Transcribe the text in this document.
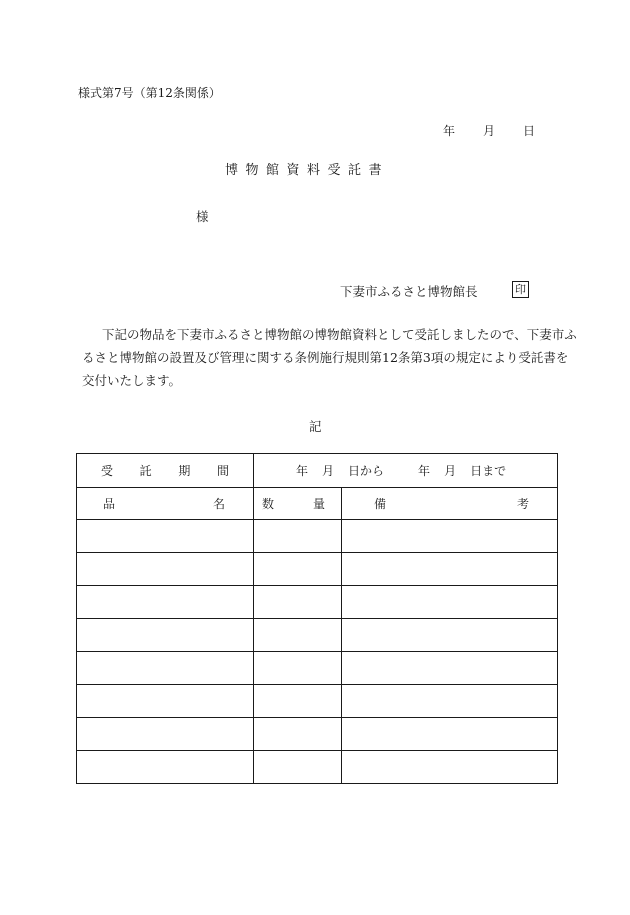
様式第7号（第12条関係）
年 月 日
博物館資料受託書
様
下妻市ふるさと博物館長	印
下記の物品を下妻市ふるさと博物館の博物館資料として受託しましたので、下妻市ふ
るさと博物館の設置及び管理に関する条例施行規則第12条第3項の規定により受託書を
交付いたします。
記
受 託 期 間	年 月 日から 年 月 日まで	

品 名	数 量	備 考
